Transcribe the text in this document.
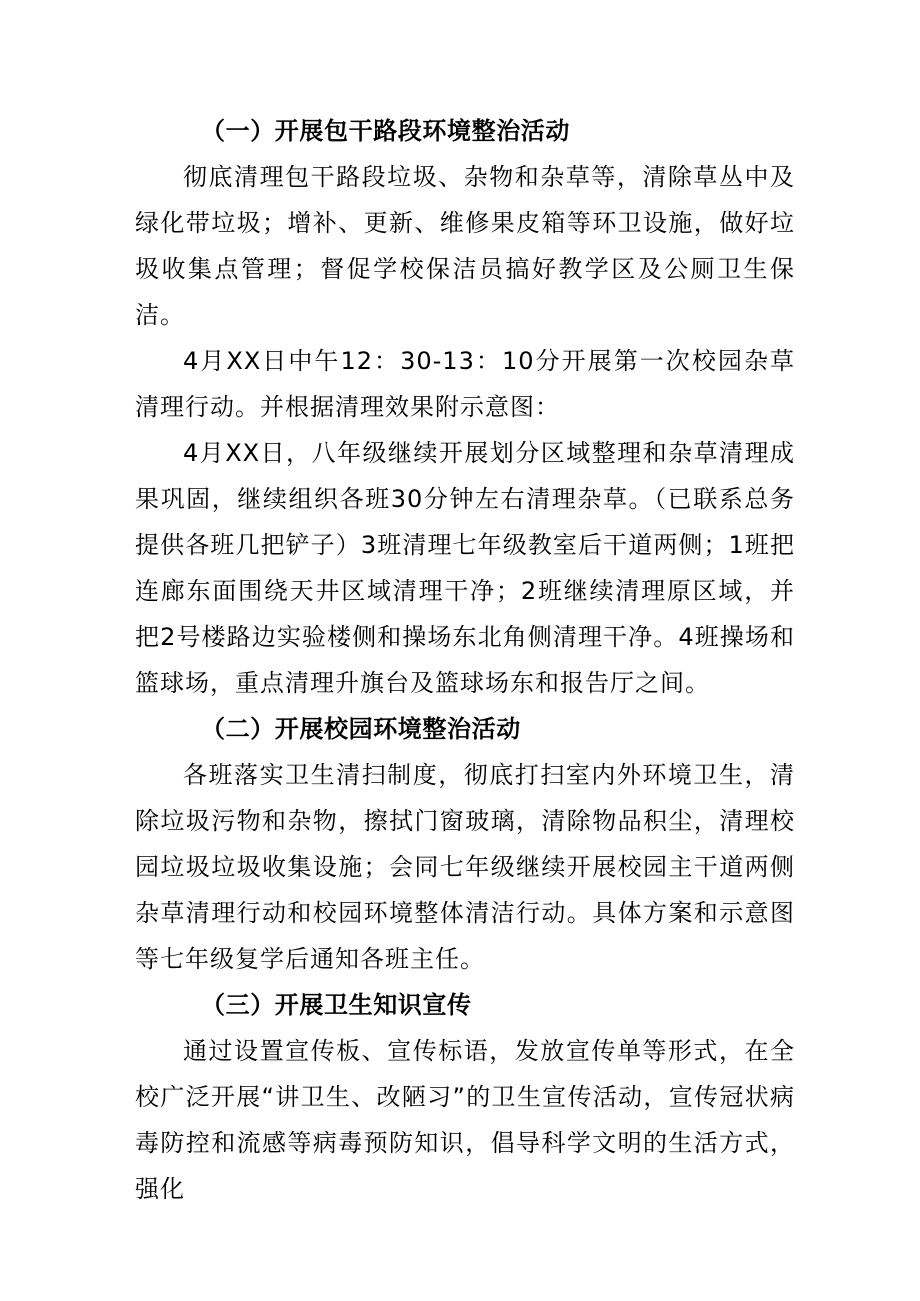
（一）开展包干路段环境整治活动

彻底清理包干路段垃圾、杂物和杂草等，清除草丛中及绿化带垃圾；增补、更新、维修果皮箱等环卫设施，做好垃圾收集点管理；督促学校保洁员搞好教学区及公厕卫生保洁。

4月XX日中午12：30-13：10分开展第一次校园杂草清理行动。并根据清理效果附示意图：

4月XX日，八年级继续开展划分区域整理和杂草清理成果巩固，继续组织各班30分钟左右清理杂草。（已联系总务提供各班几把铲子）3班清理七年级教室后干道两侧；1班把连廊东面围绕天井区域清理干净；2班继续清理原区域，并把2号楼路边实验楼侧和操场东北角侧清理干净。4班操场和篮球场，重点清理升旗台及篮球场东和报告厅之间。

（二）开展校园环境整治活动

各班落实卫生清扫制度，彻底打扫室内外环境卫生，清除垃圾污物和杂物，擦拭门窗玻璃，清除物品积尘，清理校园垃圾垃圾收集设施；会同七年级继续开展校园主干道两侧杂草清理行动和校园环境整体清洁行动。具体方案和示意图等七年级复学后通知各班主任。

（三）开展卫生知识宣传

通过设置宣传板、宣传标语，发放宣传单等形式，在全校广泛开展“讲卫生、改陋习”的卫生宣传活动，宣传冠状病毒防控和流感等病毒预防知识，倡导科学文明的生活方式，强化
